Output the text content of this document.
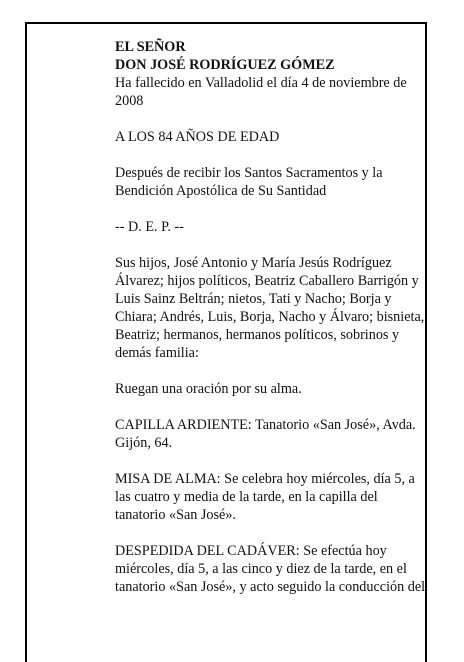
EL SEÑOR
DON JOSÉ RODRÍGUEZ GÓMEZ
Ha fallecido en Valladolid el día 4 de noviembre de 2008

A LOS 84 AÑOS DE EDAD

Después de recibir los Santos Sacramentos y la Bendición Apostólica de Su Santidad

-- D. E. P. --

Sus hijos, José Antonio y María Jesús Rodríguez Álvarez; hijos políticos, Beatriz Caballero Barrigón y Luis Sainz Beltrán; nietos, Tati y Nacho; Borja y Chiara; Andrés, Luis, Borja, Nacho y Álvaro; bisnieta, Beatriz; hermanos, hermanos políticos, sobrinos y demás familia:

Ruegan una oración por su alma.

CAPILLA ARDIENTE: Tanatorio «San José», Avda. Gijón, 64.

MISA DE ALMA: Se celebra hoy miércoles, día 5, a las cuatro y media de la tarde, en la capilla del tanatorio «San José».

DESPEDIDA DEL CADÁVER: Se efectúa hoy miércoles, día 5, a las cinco y diez de la tarde, en el tanatorio «San José», y acto seguido la conducción del
